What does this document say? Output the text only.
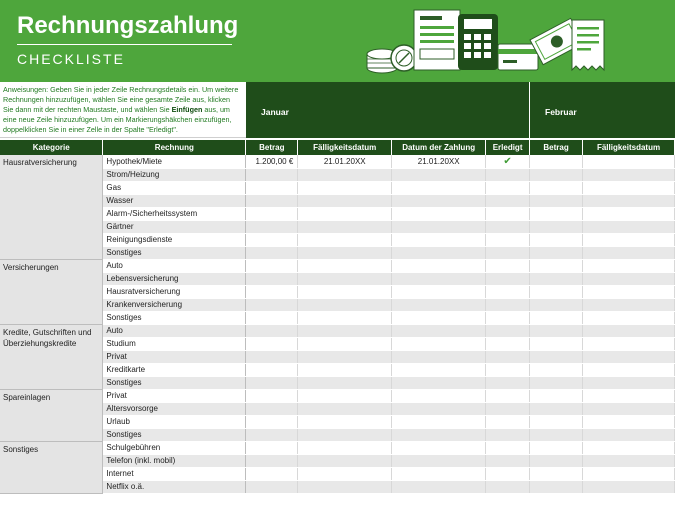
Rechnungszahlung
CHECKLISTE
Anweisungen: Geben Sie in jeder Zeile Rechnungsdetails ein. Um weitere Rechnungen hinzuzufügen, wählen Sie eine gesamte Zeile aus, klicken Sie dann mit der rechten Maustaste, und wählen Sie Einfügen aus, um eine neue Zeile hinzuzufügen. Um ein Markierungshäkchen einzufügen, doppelklicken Sie in einer Zelle in der Spalte "Erledigt".
Januar	Februar
Kategorie	Rechnung	Betrag	Fälligkeitsdatum	Datum der Zahlung	Erledigt	Betrag	Fälligkeitsdatum
Hausratversicherung	Hypothek/Miete	1.200,00 €	21.01.20XX	21.01.20XX	✔		
	Strom/Heizung						
	Gas						
	Wasser						
	Alarm-/Sicherheitssystem						
	Gärtner						
	Reinigungsdienste						
	Sonstiges						
Versicherungen	Auto						
	Lebensversicherung						
	Hausratversicherung						
	Krankenversicherung						
	Sonstiges						
Kredite, Gutschriften und Überziehungskredite	Auto						
	Studium						
	Privat						
	Kreditkarte						
	Sonstiges						
Spareinlagen	Privat						
	Altersvorsorge						
	Urlaub						
	Sonstiges						
Sonstiges	Schulgebühren						
	Telefon (inkl. mobil)						
	Internet						
	Netflix o.ä.						
